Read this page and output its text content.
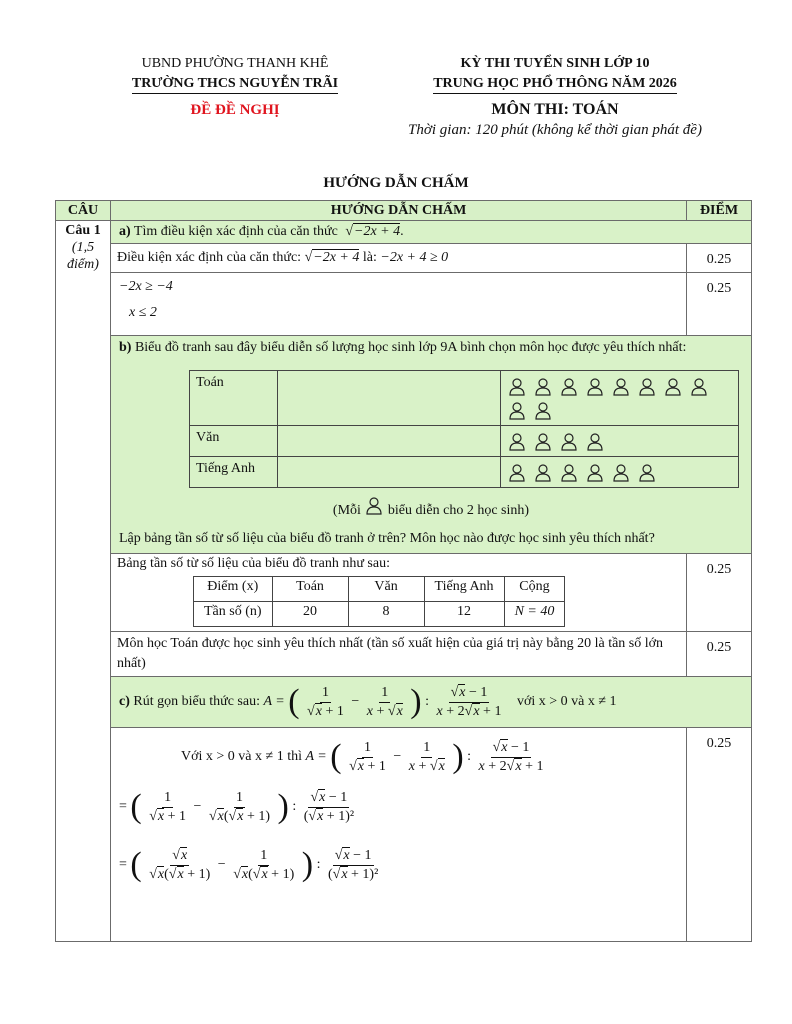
UBND PHƯỜNG THANH KHÊ
TRƯỜNG THCS NGUYỄN TRÃI
ĐỀ ĐỀ NGHỊ
KỲ THI TUYỂN SINH LỚP 10
TRUNG HỌC PHỔ THÔNG NĂM 2026
MÔN THI: TOÁN
Thời gian: 120 phút (không kể thời gian phát đề)
HƯỚNG DẪN CHẤM
CÂU	HƯỚNG DẪN CHẤM	ĐIỂM

Câu 1
(1,5 điểm)
	a) Tìm điều kiện xác định của căn thức √−2x + 4.
Điều kiện xác định của căn thức: √−2x + 4 là: −2x + 4 ≥ 0	0.25

−2x ≥ −4
x ≤ 2
	0.25

b) Biểu đồ tranh sau đây biểu diễn số lượng học sinh lớp 9A bình chọn môn học được yêu thích nhất:
Toán		

Văn		

Tiếng Anh		
(Mỗi biểu diễn cho 2 học sinh)
Lập bảng tần số từ số liệu của biểu đồ tranh ở trên? Môn học nào được học sinh yêu thích nhất?

Bảng tần số từ số liệu của biểu đồ tranh như sau:
Điểm (x)	Toán	Văn	Tiếng Anh	Cộng
Tần số (n)	20	8	12	N = 40
	0.25
Môn học Toán được học sinh yêu thích nhất (tần số xuất hiện của giá trị này bằng 20 là tần số lớn nhất)	0.25
c) Rút gọn biểu thức sau: A = ( $\frac{1}{√x + 1} - \frac{1}{x + √x}$ ) : $\frac{√x - 1}{x + 2√x + 1}$ với x > 0 và x ≠ 1

Với x > 0 và x ≠ 1 thì A = ( $\frac{1}{√x + 1} - \frac{1}{x + √x}$ ) : $\frac{√x - 1}{x + 2√x + 1}$
= ( $\frac{1}{√x + 1} - \frac{1}{√x(√x + 1)}$ ) : $\frac{√x - 1}{\text{(√x + 1)²}}$
= ( $\frac{√x}{√x(√x + 1)} - \frac{1}{√x(√x + 1)}$ ) : $\frac{√x - 1}{\text{(√x + 1)²}}$
	0.25
